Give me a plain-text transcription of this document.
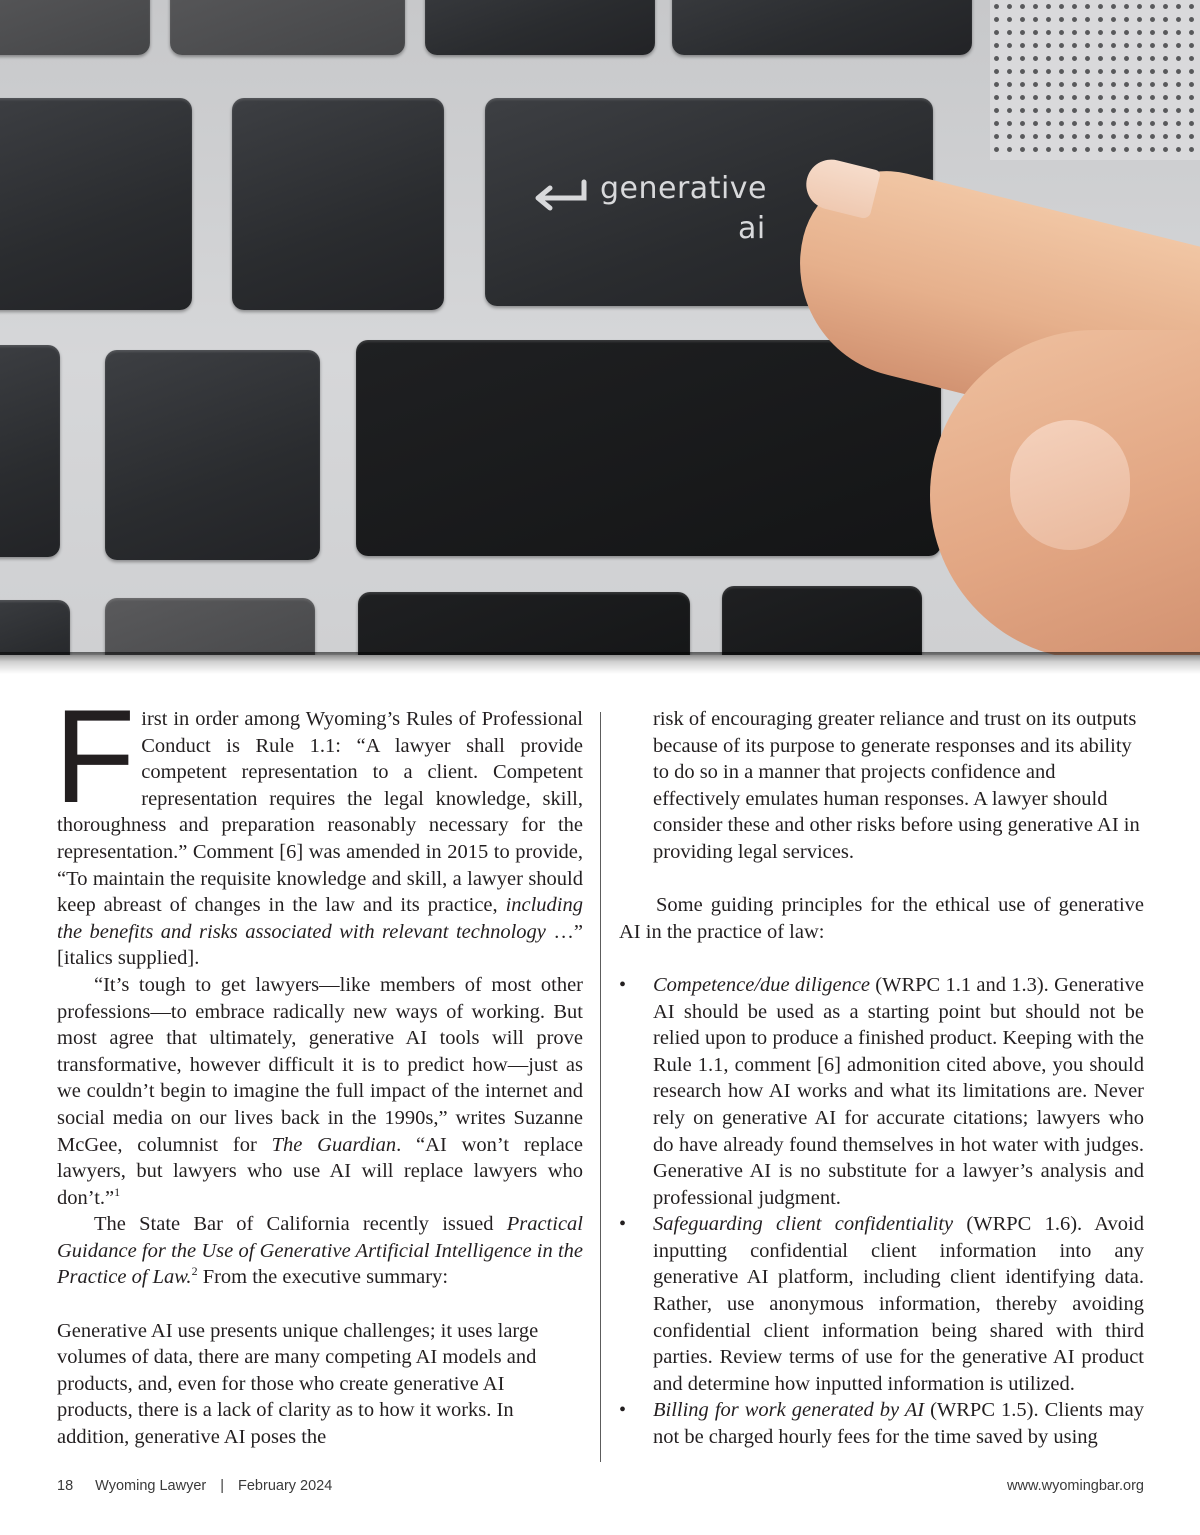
generative
ai

First in order among Wyoming’s Rules of Professional Conduct is Rule 1.1: “A lawyer shall provide competent representation to a client. Competent representation requires the legal knowledge, skill, thoroughness and preparation reasonably necessary for the representation.” Comment [6] was amended in 2015 to provide, “To maintain the requisite knowledge and skill, a lawyer should keep abreast of changes in the law and its practice, including the benefits and risks associated with relevant technology …” [italics supplied].

“It’s tough to get lawyers—like members of most other professions—to embrace radically new ways of working. But most agree that ultimately, generative AI tools will prove transformative, however difficult it is to predict how—just as we couldn’t begin to imagine the full impact of the internet and social media on our lives back in the 1990s,” writes Suzanne McGee, columnist for The Guardian. “AI won’t replace lawyers, but lawyers who use AI will replace lawyers who don’t.”$^1$

The State Bar of California recently issued Practical Guidance for the Use of Generative Artificial Intelligence in the Practice of Law.$^2$ From the executive summary:

Generative AI use presents unique challenges; it uses large volumes of data, there are many competing AI models and products, and, even for those who create generative AI products, there is a lack of clarity as to how it works. In addition, generative AI poses the

risk of encouraging greater reliance and trust on its outputs because of its purpose to generate responses and its ability to do so in a manner that projects confidence and effectively emulates human responses. A lawyer should consider these and other risks before using generative AI in providing legal services.

Some guiding principles for the ethical use of generative AI in the practice of law:

• Competence/due diligence (WRPC 1.1 and 1.3). Generative AI should be used as a starting point but should not be relied upon to produce a finished product. Keeping with the Rule 1.1, comment [6] admonition cited above, you should research how AI works and what its limitations are. Never rely on generative AI for accurate citations; lawyers who do have already found themselves in hot water with judges. Generative AI is no substitute for a lawyer’s analysis and professional judgment.
• Safeguarding client confidentiality (WRPC 1.6). Avoid inputting confidential client information into any generative AI platform, including client identifying data. Rather, use anonymous information, thereby avoiding confidential client information being shared with third parties. Review terms of use for the generative AI product and determine how inputted information is utilized.
• Billing for work generated by AI (WRPC 1.5). Clients may not be charged hourly fees for the time saved by using
18 Wyoming Lawyer | February 2024	www.wyomingbar.org
